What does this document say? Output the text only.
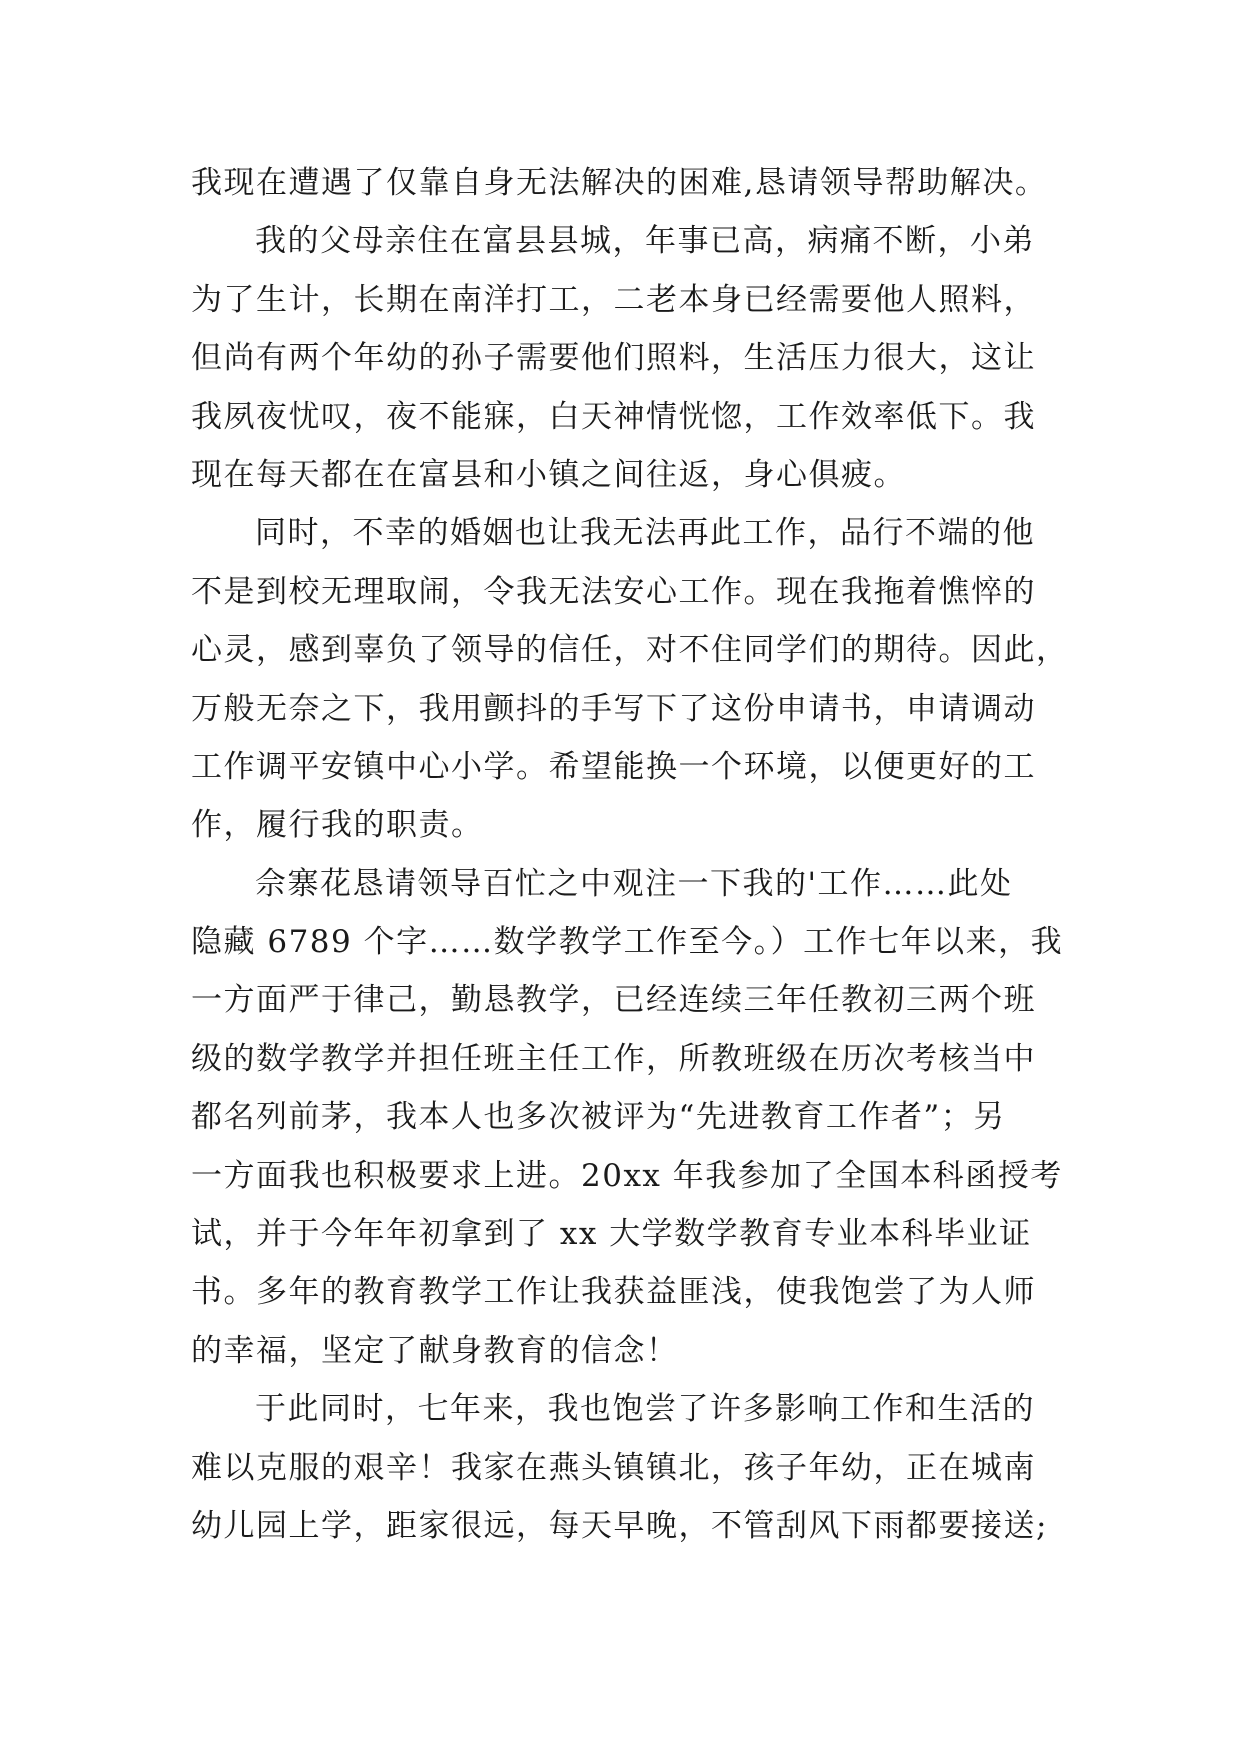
我现在遭遇了仅靠自身无法解决的困难,恳请领导帮助解决。
我的父母亲住在富县县城，年事已高，病痛不断，小弟
为了生计，长期在南洋打工，二老本身已经需要他人照料，
但尚有两个年幼的孙子需要他们照料，生活压力很大，这让
我夙夜忧叹，夜不能寐，白天神情恍惚，工作效率低下。我
现在每天都在在富县和小镇之间往返，身心俱疲。
同时，不幸的婚姻也让我无法再此工作，品行不端的他
不是到校无理取闹，令我无法安心工作。现在我拖着憔悴的
心灵，感到辜负了领导的信任，对不住同学们的期待。因此，
万般无奈之下，我用颤抖的手写下了这份申请书，申请调动
工作调平安镇中心小学。希望能换一个环境，以便更好的工
作，履行我的职责。
佘寨花恳请领导百忙之中观注一下我的'工作……此处
隐藏 6789 个字……数学教学工作至今。）工作七年以来，我
一方面严于律己，勤恳教学，已经连续三年任教初三两个班
级的数学教学并担任班主任工作，所教班级在历次考核当中
都名列前茅，我本人也多次被评为“先进教育工作者”；另
一方面我也积极要求上进。20xx 年我参加了全国本科函授考
试，并于今年年初拿到了 xx 大学数学教育专业本科毕业证
书。多年的教育教学工作让我获益匪浅，使我饱尝了为人师
的幸福，坚定了献身教育的信念！
于此同时，七年来，我也饱尝了许多影响工作和生活的
难以克服的艰辛！我家在燕头镇镇北，孩子年幼，正在城南
幼儿园上学，距家很远，每天早晚，不管刮风下雨都要接送;
